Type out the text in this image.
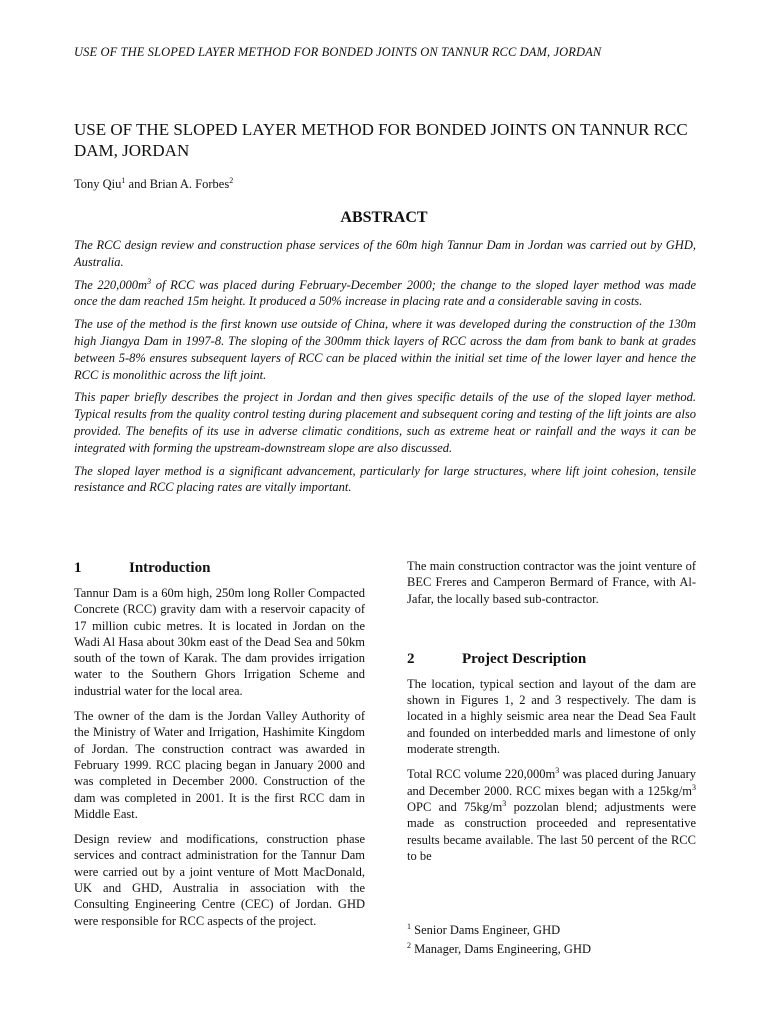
USE OF THE SLOPED LAYER METHOD FOR BONDED JOINTS ON TANNUR RCC DAM, JORDAN
USE OF THE SLOPED LAYER METHOD FOR BONDED JOINTS ON TANNUR RCC DAM, JORDAN
Tony Qiu$^1$ and Brian A. Forbes$^2$
ABSTRACT

The RCC design review and construction phase services of the 60m high Tannur Dam in Jordan was carried out by GHD, Australia.

The $220,000m^3$ of RCC was placed during February-December 2000; the change to the sloped layer method was made once the dam reached 15m height. It produced a 50% increase in placing rate and a considerable saving in costs.

The use of the method is the first known use outside of China, where it was developed during the construction of the 130m high Jiangya Dam in 1997-8. The sloping of the 300mm thick layers of RCC across the dam from bank to bank at grades between 5-8% ensures subsequent layers of RCC can be placed within the initial set time of the lower layer and hence the RCC is monolithic across the lift joint.

This paper briefly describes the project in Jordan and then gives specific details of the use of the sloped layer method. Typical results from the quality control testing during placement and subsequent coring and testing of the lift joints are also provided. The benefits of its use in adverse climatic conditions, such as extreme heat or rainfall and the ways it can be integrated with forming the upstream-downstream slope are also discussed.

The sloped layer method is a significant advancement, particularly for large structures, where lift joint cohesion, tensile resistance and RCC placing rates are vitally important.

1	Introduction

Tannur Dam is a 60m high, 250m long Roller Compacted Concrete (RCC) gravity dam with a reservoir capacity of 17 million cubic metres. It is located in Jordan on the Wadi Al Hasa about 30km east of the Dead Sea and 50km south of the town of Karak. The dam provides irrigation water to the Southern Ghors Irrigation Scheme and industrial water for the local area.

The owner of the dam is the Jordan Valley Authority of the Ministry of Water and Irrigation, Hashimite Kingdom of Jordan. The construction contract was awarded in February 1999. RCC placing began in January 2000 and was completed in December 2000. Construction of the dam was completed in 2001. It is the first RCC dam in Middle East.

Design review and modifications, construction phase services and contract administration for the Tannur Dam were carried out by a joint venture of Mott MacDonald, UK and GHD, Australia in association with the Consulting Engineering Centre (CEC) of Jordan. GHD were responsible for RCC aspects of the project.

The main construction contractor was the joint venture of BEC Freres and Camperon Bermard of France, with Al-Jafar, the locally based sub-contractor.

2	Project Description

The location, typical section and layout of the dam are shown in Figures 1, 2 and 3 respectively. The dam is located in a highly seismic area near the Dead Sea Fault and founded on interbedded marls and limestone of only moderate strength.

Total RCC volume $220,000m^3$ was placed during January and December 2000. RCC mixes began with a $125kg/m^3$ OPC and $75kg/m^3$ pozzolan blend; adjustments were made as construction proceeded and representative results became available. The last 50 percent of the RCC to be

$^1$ Senior Dams Engineer, GHD
$^2$ Manager, Dams Engineering, GHD
